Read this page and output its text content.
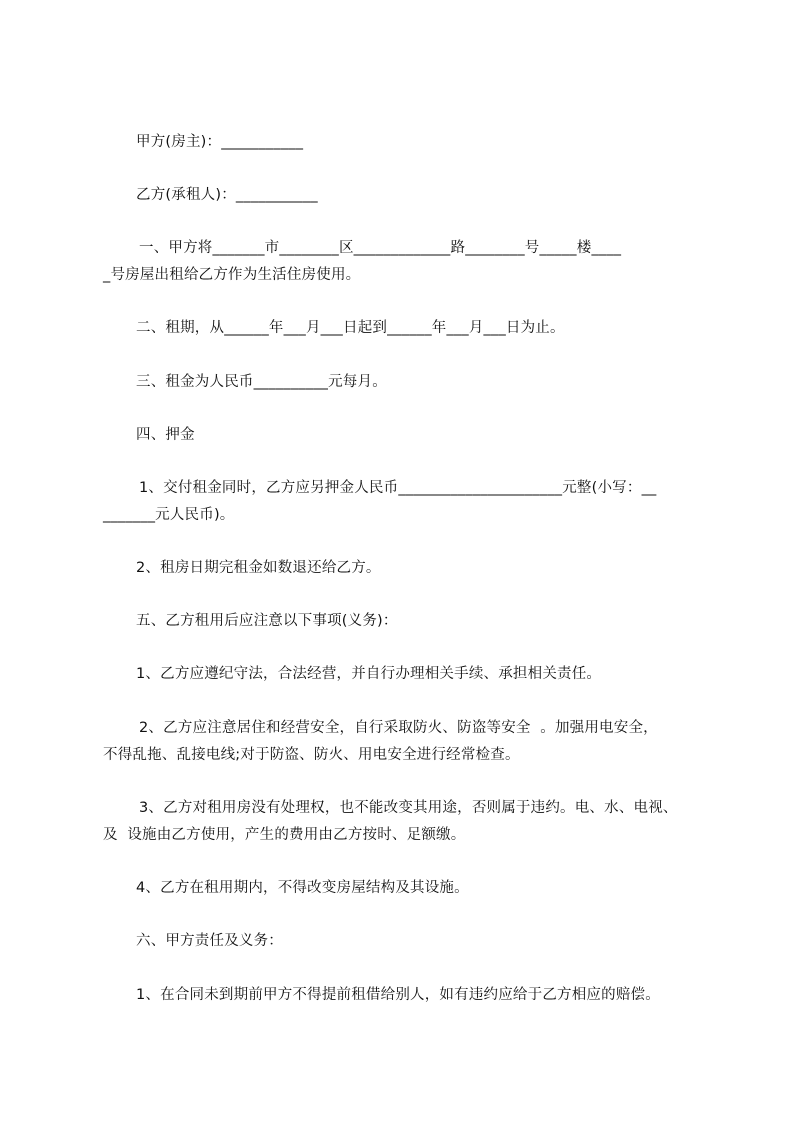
甲方(房主)：___________
乙方(承租人)：___________
一、甲方将_______市________区_____________路________号_____楼____
_号房屋出租给乙方作为生活住房使用。
二、租期，从______年___月___日起到______年___月___日为止。
三、租金为人民币__________元每月。
四、押金
1、交付租金同时，乙方应另押金人民币______________________元整(小写：__
_______元人民币)。
2、租房日期完租金如数退还给乙方。
五、乙方租用后应注意以下事项(义务)：
1、乙方应遵纪守法，合法经营，并自行办理相关手续、承担相关责任。
2、乙方应注意居住和经营安全，自行采取防火、防盗等安全  。加强用电安全，
不得乱拖、乱接电线;对于防盗、防火、用电安全进行经常检查。
3、乙方对租用房没有处理权，也不能改变其用途，否则属于违约。电、水、电视、
及  设施由乙方使用，产生的费用由乙方按时、足额缴。
4、乙方在租用期内，不得改变房屋结构及其设施。
六、甲方责任及义务：
1、在合同未到期前甲方不得提前租借给别人，如有违约应给于乙方相应的赔偿。
